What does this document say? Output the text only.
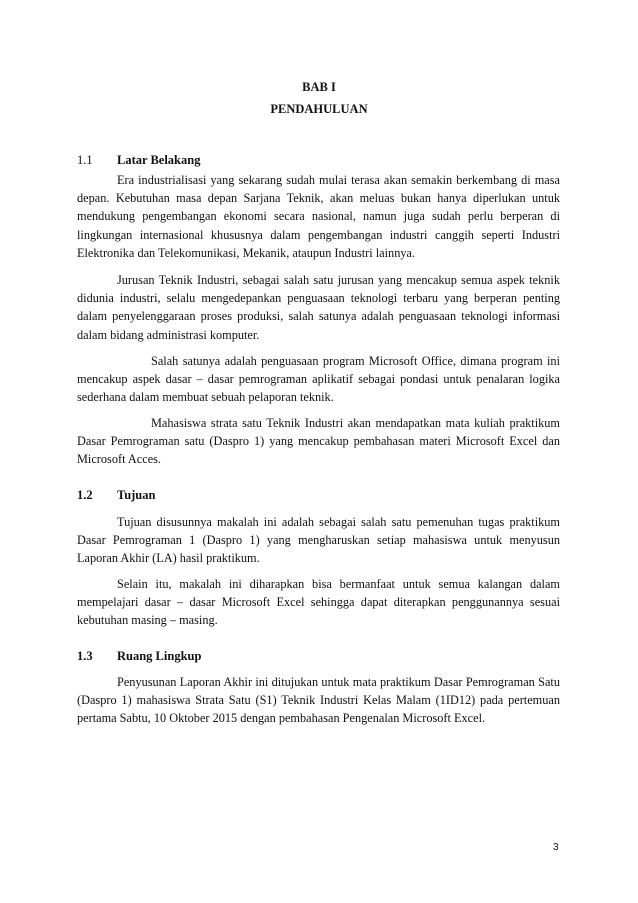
BAB I
PENDAHULUAN
1.1 Latar Belakang

Era industrialisasi yang sekarang sudah mulai terasa akan semakin berkembang di masa depan. Kebutuhan masa depan Sarjana Teknik, akan meluas bukan hanya diperlukan untuk mendukung pengembangan ekonomi secara nasional, namun juga sudah perlu berperan di lingkungan internasional khususnya dalam pengembangan industri canggih seperti Industri Elektronika dan Telekomunikasi, Mekanik, ataupun Industri lainnya.

Jurusan Teknik Industri, sebagai salah satu jurusan yang mencakup semua aspek teknik didunia industri, selalu mengedepankan penguasaan teknologi terbaru yang berperan penting dalam penyelenggaraan proses produksi, salah satunya adalah penguasaan teknologi informasi dalam bidang administrasi komputer.

Salah satunya adalah penguasaan program Microsoft Office, dimana program ini mencakup aspek dasar – dasar pemrograman aplikatif sebagai pondasi untuk penalaran logika sederhana dalam membuat sebuah pelaporan teknik.

Mahasiswa strata satu Teknik Industri akan mendapatkan mata kuliah praktikum Dasar Pemrograman satu (Daspro 1) yang mencakup pembahasan materi Microsoft Excel dan Microsoft Acces.

1.2 Tujuan

Tujuan disusunnya makalah ini adalah sebagai salah satu pemenuhan tugas praktikum Dasar Pemrograman 1 (Daspro 1) yang mengharuskan setiap mahasiswa untuk menyusun Laporan Akhir (LA) hasil praktikum.

Selain itu, makalah ini diharapkan bisa bermanfaat untuk semua kalangan dalam mempelajari dasar – dasar Microsoft Excel sehingga dapat diterapkan penggunannya sesuai kebutuhan masing – masing.

1.3 Ruang Lingkup

Penyusunan Laporan Akhir ini ditujukan untuk mata praktikum Dasar Pemrograman Satu (Daspro 1) mahasiswa Strata Satu (S1) Teknik Industri Kelas Malam (1ID12) pada pertemuan pertama Sabtu, 10 Oktober 2015 dengan pembahasan Pengenalan Microsoft Excel.

3
